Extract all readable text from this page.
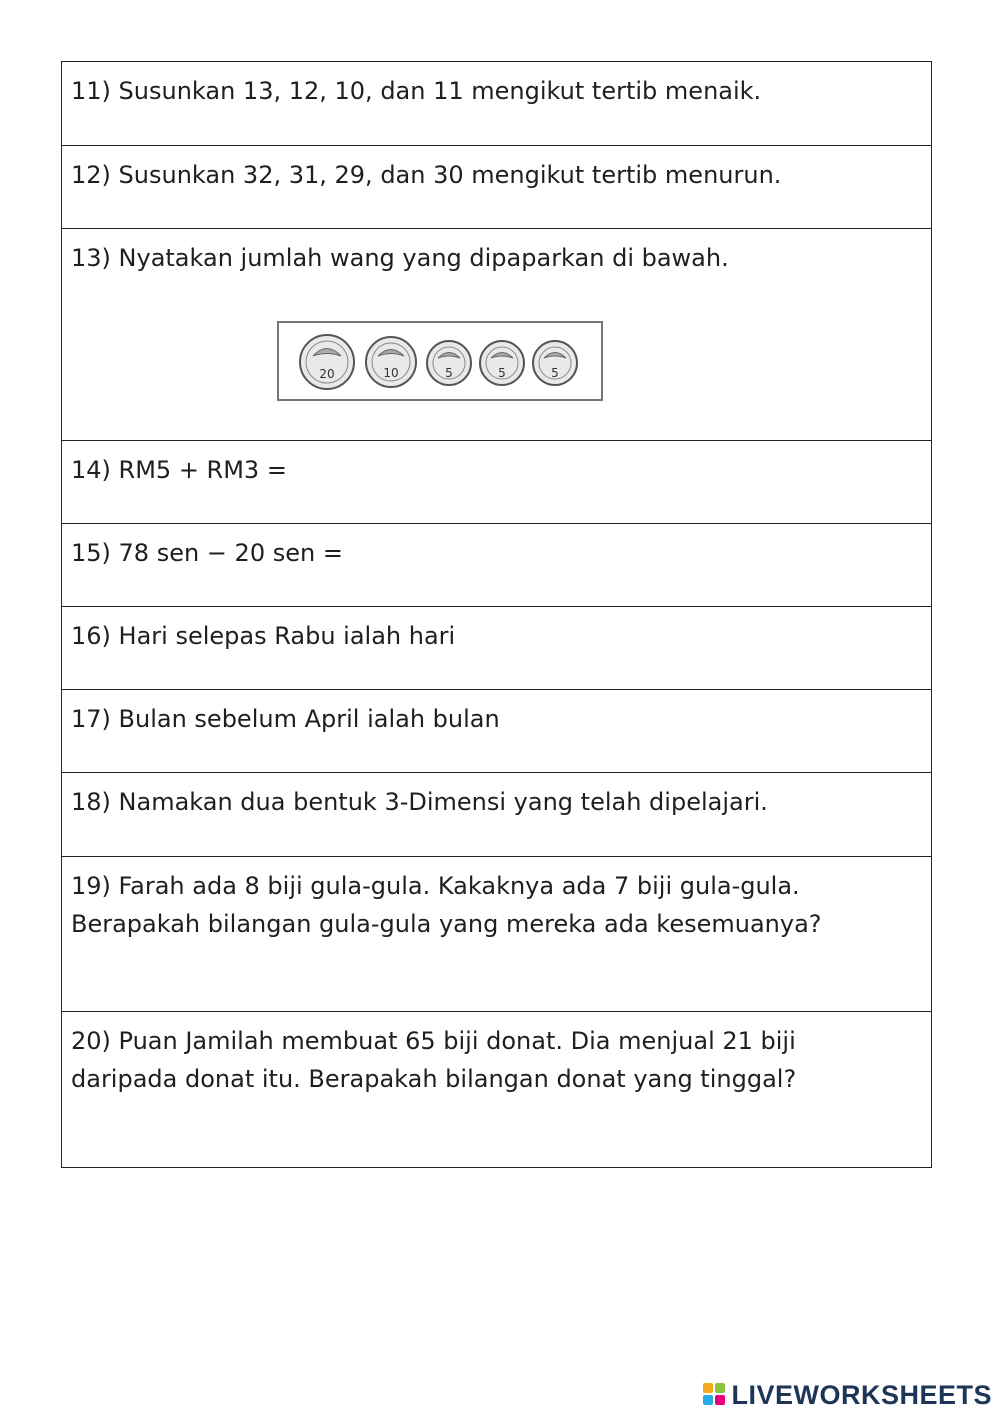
11) Susunkan 13, 12, 10, dan 11 mengikut tertib menaik.

12) Susunkan 32, 31, 29, dan 30 mengikut tertib menurun.

13) Nyatakan jumlah wang yang dipaparkan di bawah.

20	10	5	5	5

14) RM5 + RM3 =

15) 78 sen − 20 sen =

16) Hari selepas Rabu ialah hari

17) Bulan sebelum April ialah bulan

18) Namakan dua bentuk 3-Dimensi yang telah dipelajari.

19) Farah ada 8 biji gula-gula. Kakaknya ada 7 biji gula-gula.

Berapakah bilangan gula-gula yang mereka ada kesemuanya?

20) Puan Jamilah membuat 65 biji donat. Dia menjual 21 biji

daripada donat itu. Berapakah bilangan donat yang tinggal?

LIVEWORKSHEETS
